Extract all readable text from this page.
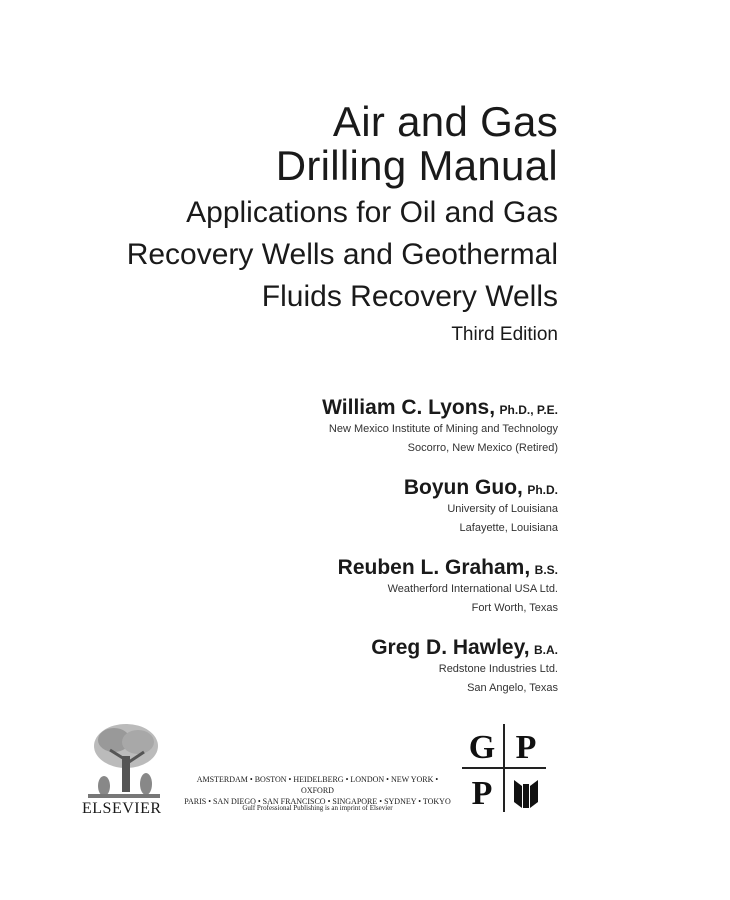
Air and Gas
Drilling Manual
Applications for Oil and Gas
Recovery Wells and Geothermal
Fluids Recovery Wells
Third Edition
William C. Lyons, Ph.D., P.E.
New Mexico Institute of Mining and Technology
Socorro, New Mexico (Retired)
Boyun Guo, Ph.D.
University of Louisiana
Lafayette, Louisiana
Reuben L. Graham, B.S.
Weatherford International USA Ltd.
Fort Worth, Texas
Greg D. Hawley, B.A.
Redstone Industries Ltd.
San Angelo, Texas
ELSEVIER
AMSTERDAM • BOSTON • HEIDELBERG • LONDON • NEW YORK • OXFORD
PARIS • SAN DIEGO • SAN FRANCISCO • SINGAPORE • SYDNEY • TOKYO
Gulf Professional Publishing is an imprint of Elsevier
G P
P
